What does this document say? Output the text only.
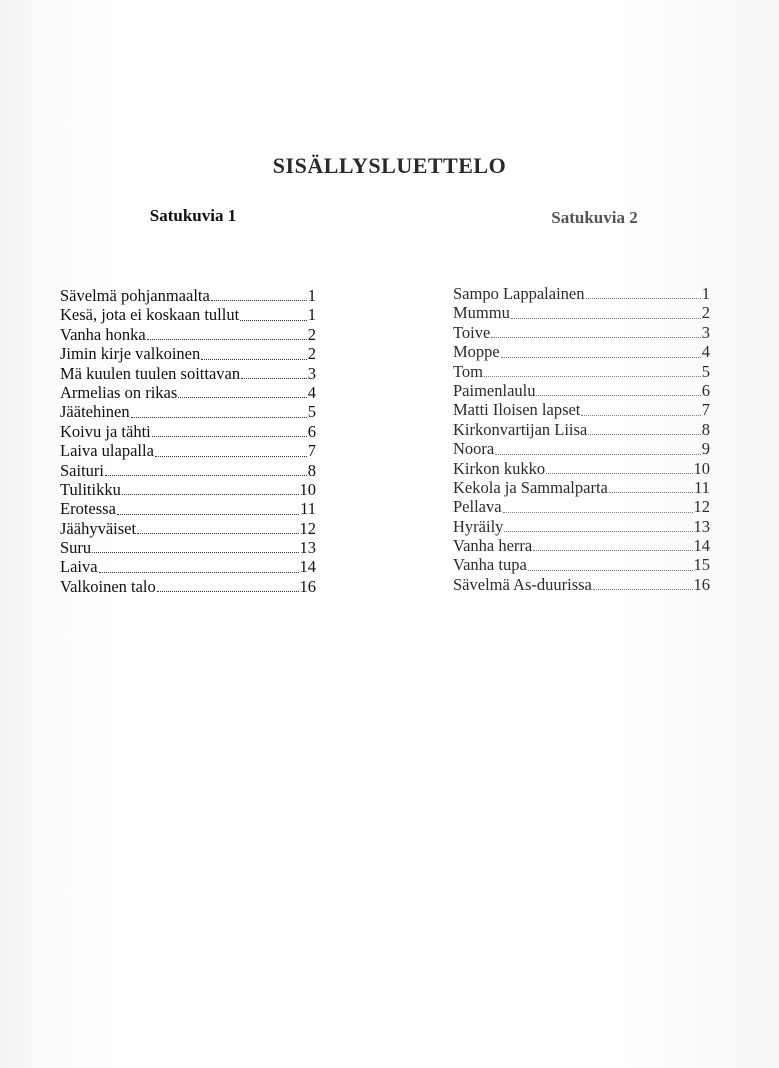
SISÄLLYSLUETTELO
Satukuvia 1
Sävelmä pohjanmaalta	1
Kesä, jota ei koskaan tullut	1
Vanha honka	2
Jimin kirje valkoinen	2
Mä kuulen tuulen soittavan	3
Armelias on rikas	4
Jäätehinen	5
Koivu ja tähti	6
Laiva ulapalla	7
Saituri	8
Tulitikku	10
Erotessa	11
Jäähyväiset	12
Suru	13
Laiva	14
Valkoinen talo	16
Satukuvia 2
Sampo Lappalainen	1
Mummu	2
Toive	3
Moppe	4
Tom	5
Paimenlaulu	6
Matti Iloisen lapset	7
Kirkonvartijan Liisa	8
Noora	9
Kirkon kukko	10
Kekola ja Sammalparta	11
Pellava	12
Hyräily	13
Vanha herra	14
Vanha tupa	15
Sävelmä As-duurissa	16
